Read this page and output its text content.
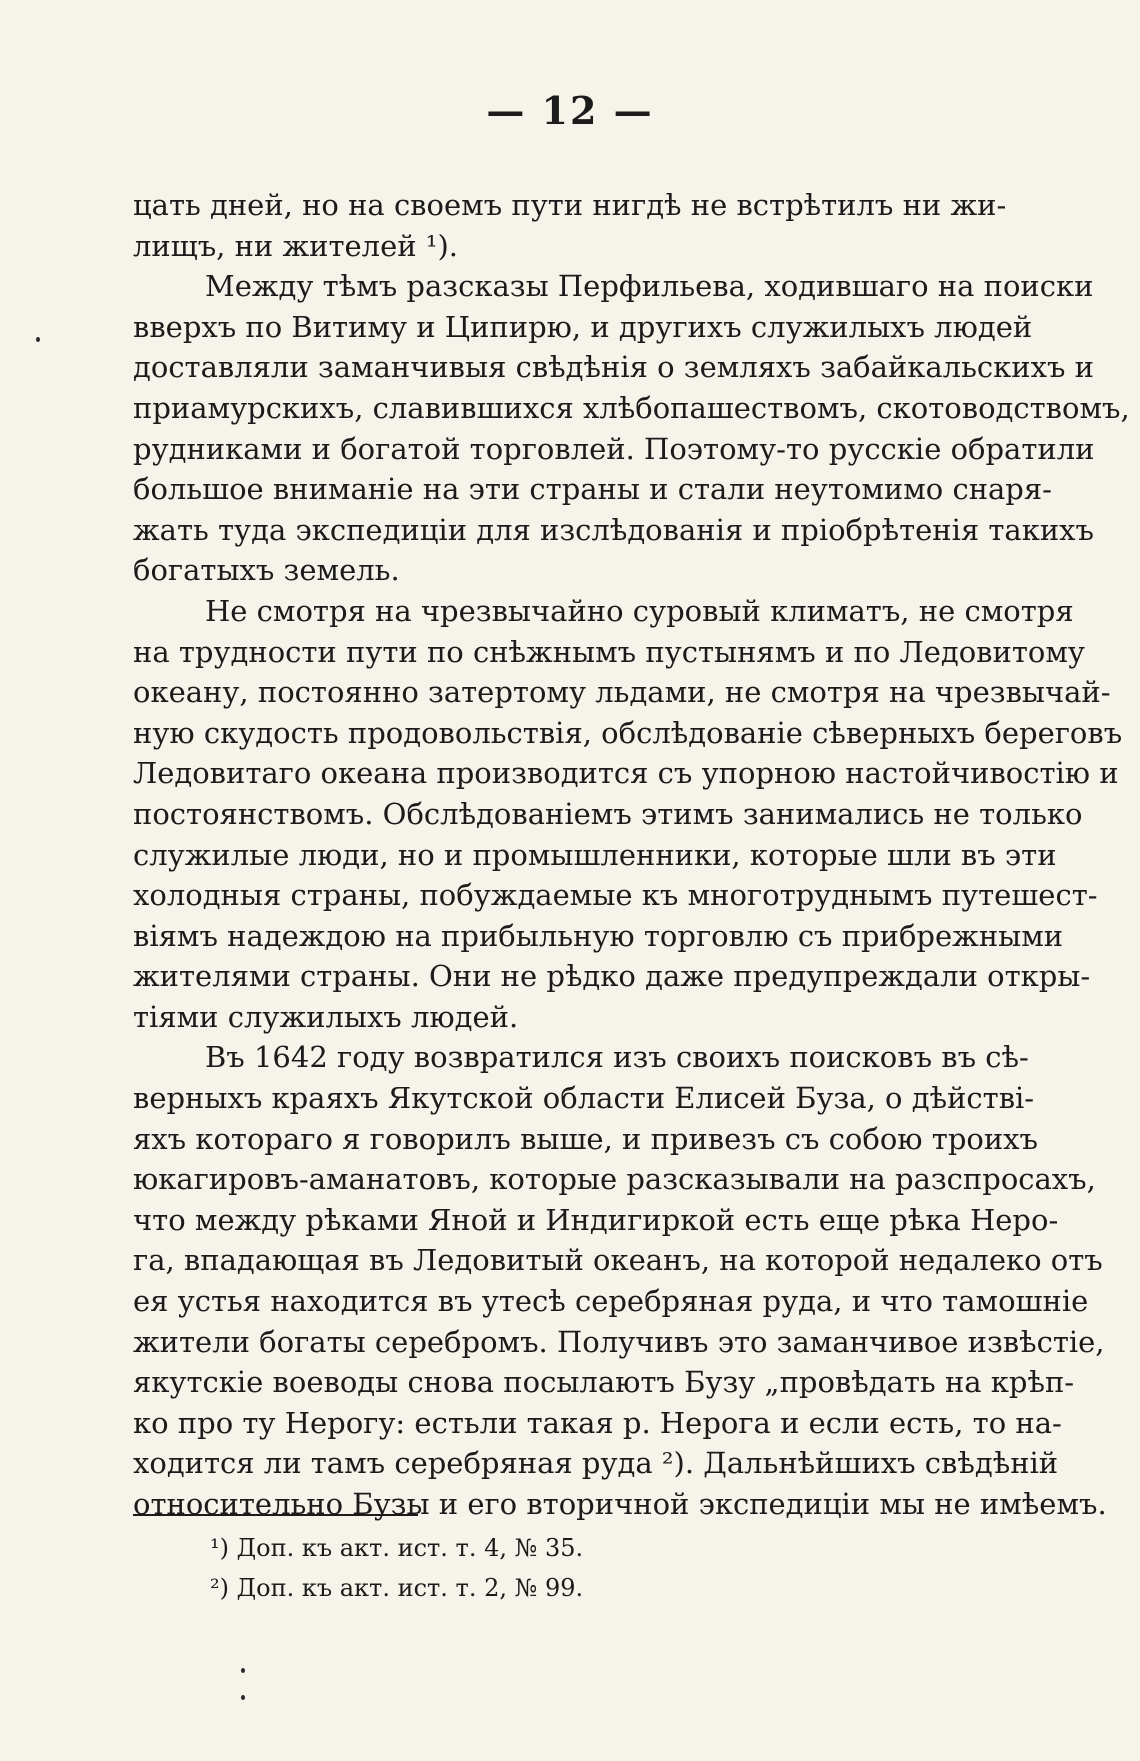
— 12 —
цать дней, но на своемъ пути нигдѣ не встрѣтилъ ни жи-
лищъ, ни жителей ¹).
Между тѣмъ разсказы Перфильева, ходившаго на поиски
вверхъ по Витиму и Ципирю, и другихъ служилыхъ людей
доставляли заманчивыя свѣдѣнія о земляхъ забайкальскихъ и
приамурскихъ, славившихся хлѣбопашествомъ, скотоводствомъ,
рудниками и богатой торговлей. Поэтому-то русскіе обратили
большое вниманіе на эти страны и стали неутомимо снаря-
жать туда экспедиціи для изслѣдованія и пріобрѣтенія такихъ
богатыхъ земель.
Не смотря на чрезвычайно суровый климатъ, не смотря
на трудности пути по снѣжнымъ пустынямъ и по Ледовитому
океану, постоянно затертому льдами, не смотря на чрезвычай-
ную скудость продовольствія, обслѣдованіе сѣверныхъ береговъ
Ледовитаго океана производится съ упорною настойчивостію и
постоянствомъ. Обслѣдованіемъ этимъ занимались не только
служилые люди, но и промышленники, которые шли въ эти
холодныя страны, побуждаемые къ многотруднымъ путешест-
віямъ надеждою на прибыльную торговлю съ прибрежными
жителями страны. Они не рѣдко даже предупреждали откры-
тіями служилыхъ людей.
Въ 1642 году возвратился изъ своихъ поисковъ въ сѣ-
верныхъ краяхъ Якутской области Елисей Буза, о дѣйствi-
яхъ котораго я говорилъ выше, и привезъ съ собою троихъ
юкагировъ-аманатовъ, которые разсказывали на разспросахъ,
что между рѣками Яной и Индигиркой есть еще рѣка Неро-
га, впадающая въ Ледовитый океанъ, на которой недалеко отъ
ея устья находится въ утесѣ серебряная руда, и что тамошніе
жители богаты серебромъ. Получивъ это заманчивое извѣстіе,
якутскіе воеводы снова посылаютъ Бузу „провѣдать на крѣп-
ко про ту Нерогу: естьли такая р. Нерога и если есть, то на-
ходится ли тамъ серебряная руда ²). Дальнѣйшихъ свѣдѣній
относительно Бузы и его вторичной экспедиціи мы не имѣемъ.
¹) Доп. къ акт. ист. т. 4, № 35.
²) Доп. къ акт. ист. т. 2, № 99.
